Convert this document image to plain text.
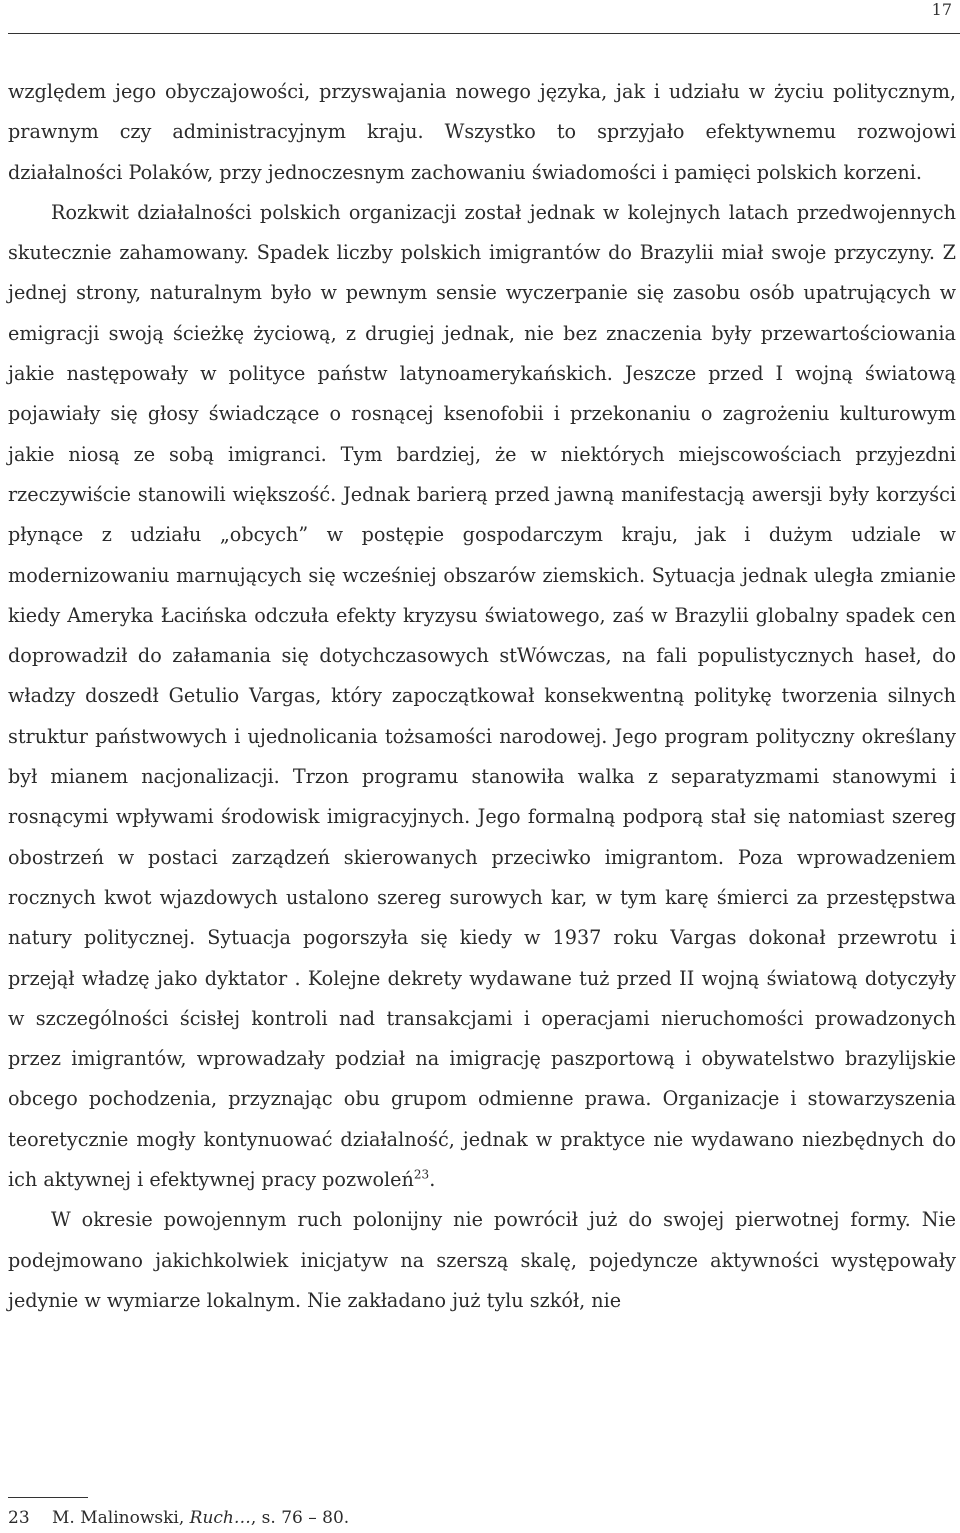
17

względem jego obyczajowości, przyswajania nowego języka, jak i udziału w życiu politycznym, prawnym czy administracyjnym kraju. Wszystko to sprzyjało efektywnemu rozwojowi działalności Polaków, przy jednoczesnym zachowaniu świadomości i pamięci polskich korzeni.

Rozkwit działalności polskich organizacji został jednak w kolejnych latach przedwojennych skutecznie zahamowany. Spadek liczby polskich imigrantów do Brazylii miał swoje przyczyny. Z jednej strony, naturalnym było w pewnym sensie wyczerpanie się zasobu osób upatrujących w emigracji swoją ścieżkę życiową, z drugiej jednak, nie bez znaczenia były przewartościowania jakie następowały w polityce państw latynoamerykańskich. Jeszcze przed I wojną światową pojawiały się głosy świadczące o rosnącej ksenofobii i przekonaniu o zagrożeniu kulturowym jakie niosą ze sobą imigranci. Tym bardziej, że w niektórych miejscowościach przyjezdni rzeczywiście stanowili większość. Jednak barierą przed jawną manifestacją awersji były korzyści płynące z udziału „obcych” w postępie gospodarczym kraju, jak i dużym udziale w modernizowaniu marnujących się wcześniej obszarów ziemskich. Sytuacja jednak uległa zmianie kiedy Ameryka Łacińska odczuła efekty kryzysu światowego, zaś w Brazylii globalny spadek cen doprowadził do załamania się dotychczasowych stWówczas, na fali populistycznych haseł, do władzy doszedł Getulio Vargas, który zapoczątkował konsekwentną politykę tworzenia silnych struktur państwowych i ujednolicania tożsamości narodowej. Jego program polityczny określany był mianem nacjonalizacji. Trzon programu stanowiła walka z separatyzmami stanowymi i rosnącymi wpływami środowisk imigracyjnych. Jego formalną podporą stał się natomiast szereg obostrzeń w postaci zarządzeń skierowanych przeciwko imigrantom. Poza wprowadzeniem rocznych kwot wjazdowych ustalono szereg surowych kar, w tym karę śmierci za przestępstwa natury politycznej. Sytuacja pogorszyła się kiedy w 1937 roku Vargas dokonał przewrotu i przejął władzę jako dyktator . Kolejne dekrety wydawane tuż przed II wojną światową dotyczyły w szczególności ścisłej kontroli nad transakcjami i operacjami nieruchomości prowadzonych przez imigrantów, wprowadzały podział na imigrację paszportową i obywatelstwo brazylijskie obcego pochodzenia, przyznając obu grupom odmienne prawa. Organizacje i stowarzyszenia teoretycznie mogły kontynuować działalność, jednak w praktyce nie wydawano niezbędnych do ich aktywnej i efektywnej pracy pozwoleń$^{23}$.

W okresie powojennym ruch polonijny nie powrócił już do swojej pierwotnej formy. Nie podejmowano jakichkolwiek inicjatyw na szerszą skalę, pojedyncze aktywności występowały jedynie w wymiarze lokalnym. Nie zakładano już tylu szkół, nie

23 M. Malinowski, Ruch…, s. 76 – 80.
